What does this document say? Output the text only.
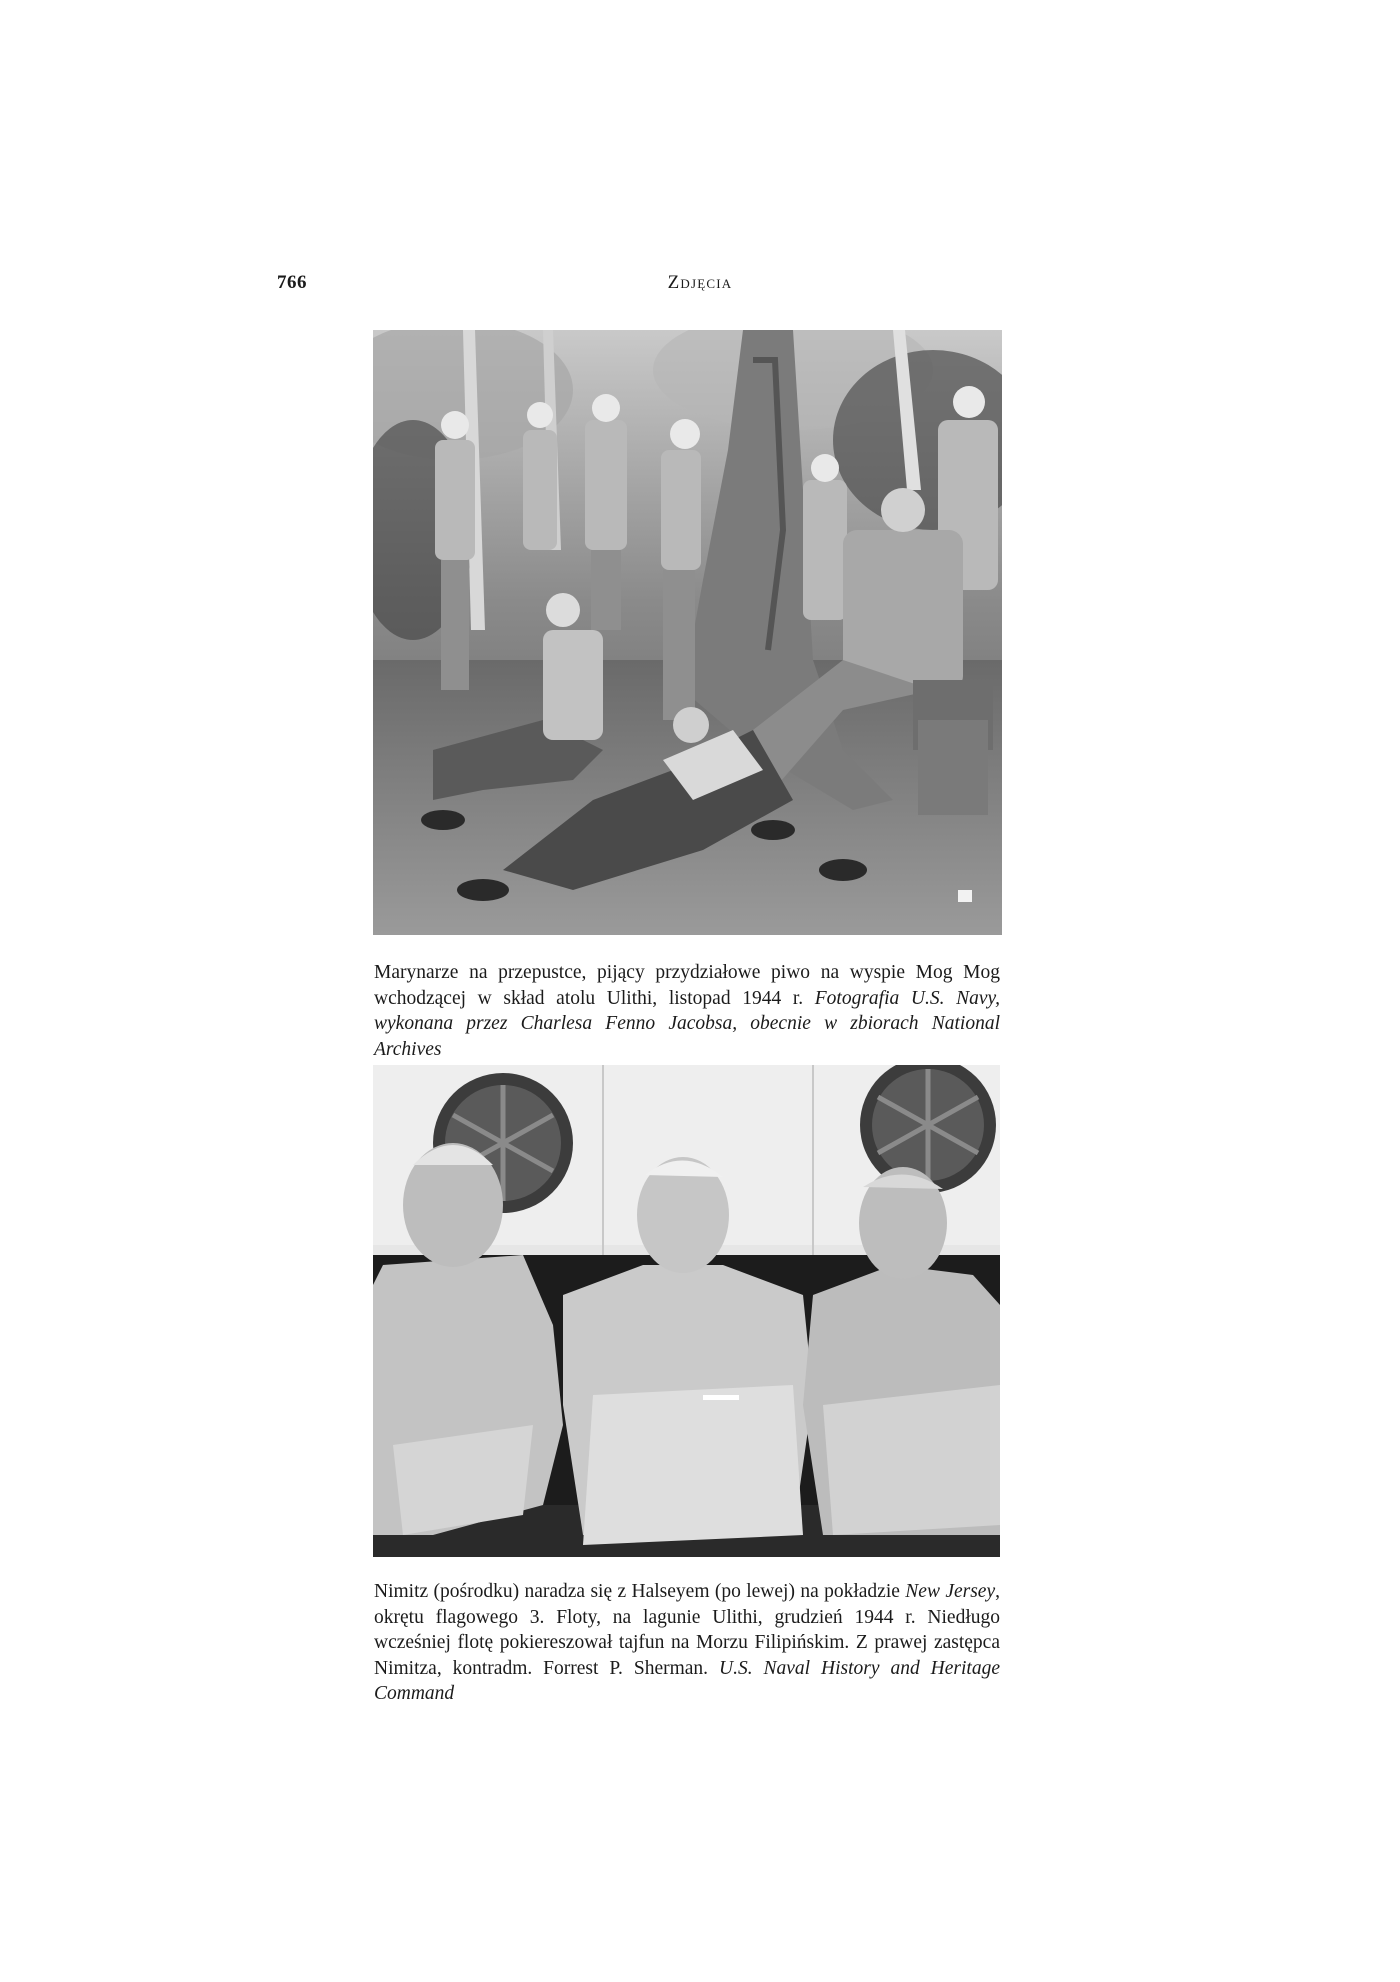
766	Zdjęcia
Marynarze na przepustce, pijący przydziałowe piwo na wyspie Mog Mog wchodzącej w skład atolu Ulithi, listopad 1944 r. Fotografia U.S. Navy, wykonana przez Charlesa Fenno Jacobsa, obecnie w zbiorach National Archives
Nimitz (pośrodku) naradza się z Halseyem (po lewej) na pokładzie New Jersey, okrętu flagowego 3. Floty, na lagunie Ulithi, grudzień 1944 r. Niedługo wcześniej flotę pokiereszował tajfun na Morzu Filipińskim. Z prawej zastępca Nimitza, kontradm. Forrest P. Sherman. U.S. Naval History and Heritage Command
